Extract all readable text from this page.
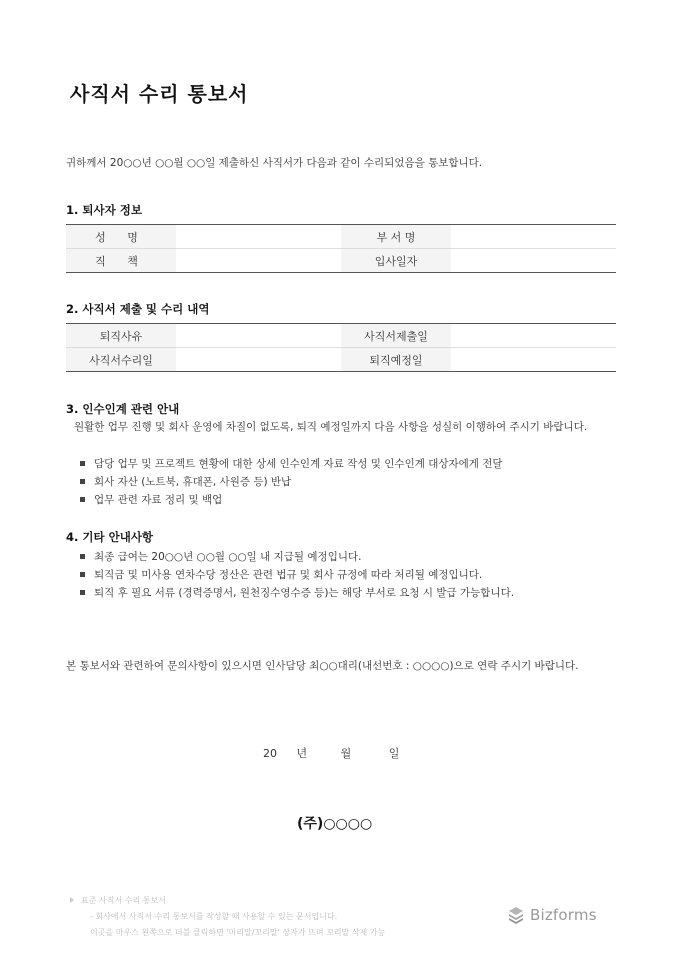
사직서 수리 통보서
귀하께서 20○○년 ○○월 ○○일 제출하신 사직서가 다음과 같이 수리되었음을 통보합니다.
1. 퇴사자 정보
성 명		부 서 명	
직 책		입사일자	
2. 사직서 제출 및 수리 내역
퇴직사유		사직서제출일	
사직서수리일		퇴직예정일	
3. 인수인계 관련 안내
원활한 업무 진행 및 회사 운영에 차질이 없도록, 퇴직 예정일까지 다음 사항을 성실히 이행하여 주시기 바랍니다.
담당 업무 및 프로젝트 현황에 대한 상세 인수인계 자료 작성 및 인수인계 대상자에게 전달
회사 자산 (노트북, 휴대폰, 사원증 등) 반납
업무 관련 자료 정리 및 백업
4. 기타 안내사항
최종 급여는 20○○년 ○○월 ○○일 내 지급될 예정입니다.
퇴직금 및 미사용 연차수당 정산은 관련 법규 및 회사 규정에 따라 처리될 예정입니다.
퇴직 후 필요 서류 (경력증명서, 원천징수영수증 등)는 해당 부서로 요청 시 발급 가능합니다.
본 통보서와 관련하여 문의사항이 있으시면 인사담당 최○○대리(내선번호 : ○○○○)으로 연락 주시기 바랍니다.
20 년	월	일
(주)○○○○
표준 사직서 수리 통보서
- 회사에서 사직서 수리 통보서를 작성할 때 사용할 수 있는 문서입니다.
이곳을 마우스 왼쪽으로 더블 클릭하면 '머리말/꼬리말' 상자가 뜨며 꼬리말 삭제 가능
Bizforms
